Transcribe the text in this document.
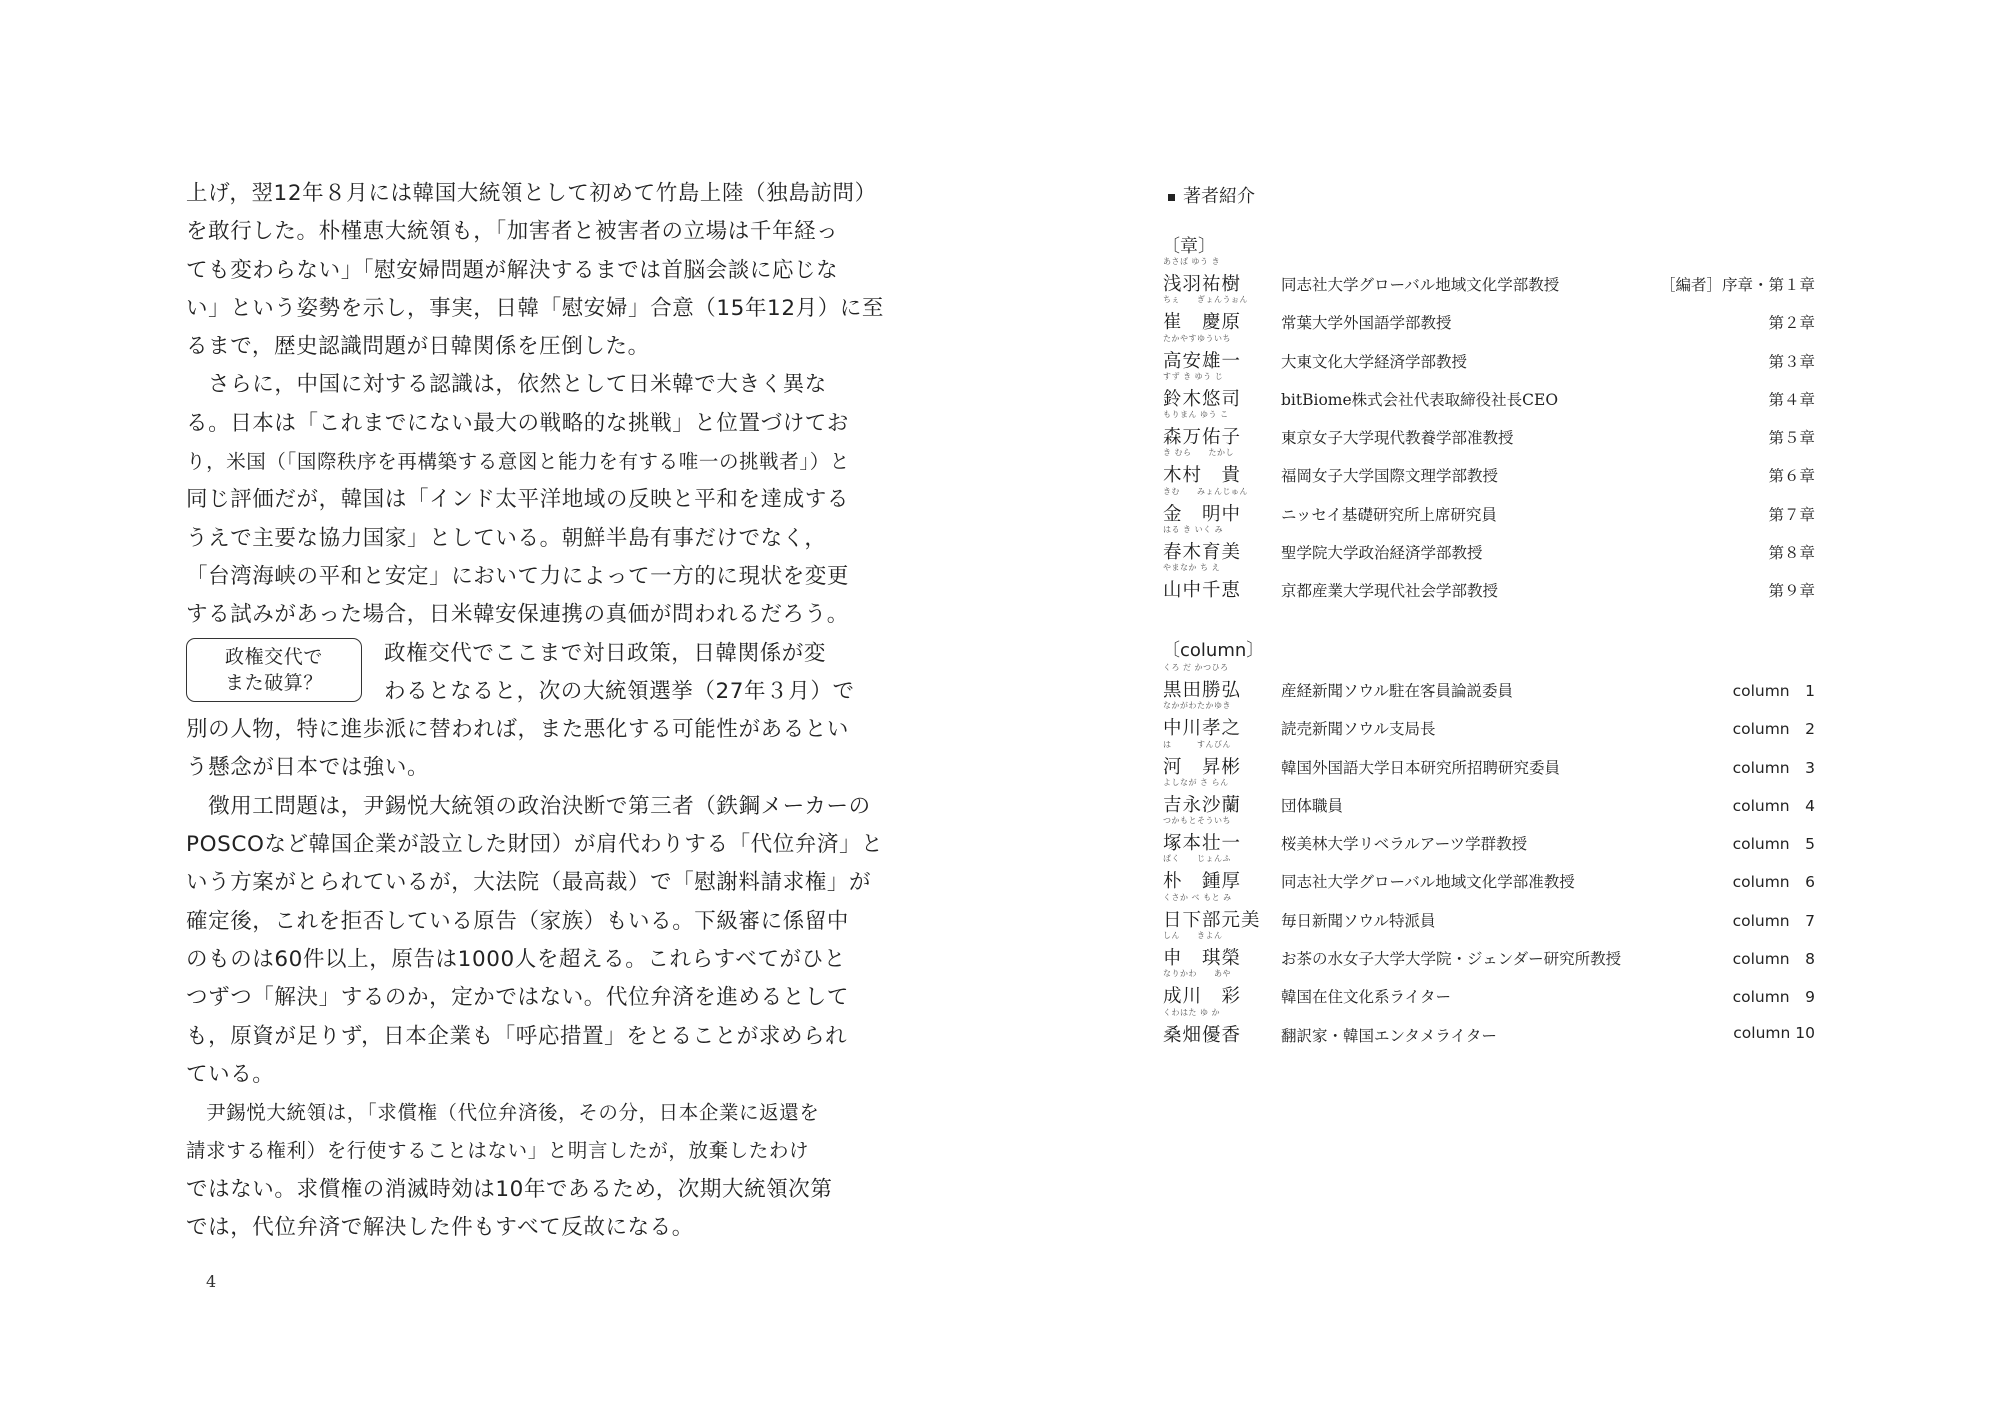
上げ，翌12年８月には韓国大統領として初めて竹島上陸（独島訪問）
を敢行した。朴槿恵大統領も，「加害者と被害者の立場は千年経っ
ても変わらない」「慰安婦問題が解決するまでは首脳会談に応じな
い」という姿勢を示し，事実，日韓「慰安婦」合意（15年12月）に至
るまで，歴史認識問題が日韓関係を圧倒した。
　さらに，中国に対する認識は，依然として日米韓で大きく異な
る。日本は「これまでにない最大の戦略的な挑戦」と位置づけてお
り，米国（「国際秩序を再構築する意図と能力を有する唯一の挑戦者」）と
同じ評価だが，韓国は「インド太平洋地域の反映と平和を達成する
うえで主要な協力国家」としている。朝鮮半島有事だけでなく，
「台湾海峡の平和と安定」において力によって一方的に現状を変更
する試みがあった場合，日米韓安保連携の真価が問われるだろう。
政権交代で
また破算？
政権交代でここまで対日政策，日韓関係が変
わるとなると，次の大統領選挙（27年３月）で
別の人物，特に進歩派に替われば，また悪化する可能性があるとい
う懸念が日本では強い。
　徴用工問題は，尹錫悦大統領の政治決断で第三者（鉄鋼メーカーの
POSCOなど韓国企業が設立した財団）が肩代わりする「代位弁済」と
いう方案がとられているが，大法院（最高裁）で「慰謝料請求権」が
確定後，これを拒否している原告（家族）もいる。下級審に係留中
のものは60件以上，原告は1000人を超える。これらすべてがひと
つずつ「解決」するのか，定かではない。代位弁済を進めるとして
も，原資が足りず，日本企業も「呼応措置」をとることが求められ
ている。
　尹錫悦大統領は，「求償権（代位弁済後，その分，日本企業に返還を
請求する権利）を行使することはない」と明言したが，放棄したわけ
ではない。求償権の消滅時効は10年であるため，次期大統領次第
では，代位弁済で解決した件もすべて反故になる。
4
著者紹介
〔章〕
あさば ゆう き
浅羽祐樹	同志社大学グローバル地域文化学部教授	［編者］序章・第１章
ちぇ　　ぎょんうぉん
崔　慶原	常葉大学外国語学部教授	第２章
たかやすゆういち
高安雄一	大東文化大学経済学部教授	第３章
すず き ゆう じ
鈴木悠司	bitBiome株式会社代表取締役社長CEO	第４章
もりまん ゆう こ
森万佑子	東京女子大学現代教養学部准教授	第５章
き むら　　たかし
木村　貴	福岡女子大学国際文理学部教授	第６章
きむ　　みょんじゅん
金　明中	ニッセイ基礎研究所上席研究員	第７章
はる き いく み
春木育美	聖学院大学政治経済学部教授	第８章
やまなか ち え
山中千恵	京都産業大学現代社会学部教授	第９章
〔column〕
くろ だ かつひろ
黒田勝弘	産経新聞ソウル駐在客員論説委員	column　1
なかがわたかゆき
中川孝之	読売新聞ソウル支局長	column　2
は　　　すんびん
河　昇彬	韓国外国語大学日本研究所招聘研究委員	column　3
よしなが さ らん
吉永沙蘭	団体職員	column　4
つかもとそういち
塚本壮一	桜美林大学リベラルアーツ学群教授	column　5
ぱく　　じょんふ
朴　鍾厚	同志社大学グローバル地域文化学部准教授	column　6
くさか べ もと み
日下部元美 毎日新聞ソウル特派員	column　7
しん　　きよん
申　琪榮	お茶の水女子大学大学院・ジェンダー研究所教授	column　8
なりかわ　　あや
成川　彩	韓国在住文化系ライター	column　9
くわはた ゆ か
桑畑優香	翻訳家・韓国エンタメライター	column 10
